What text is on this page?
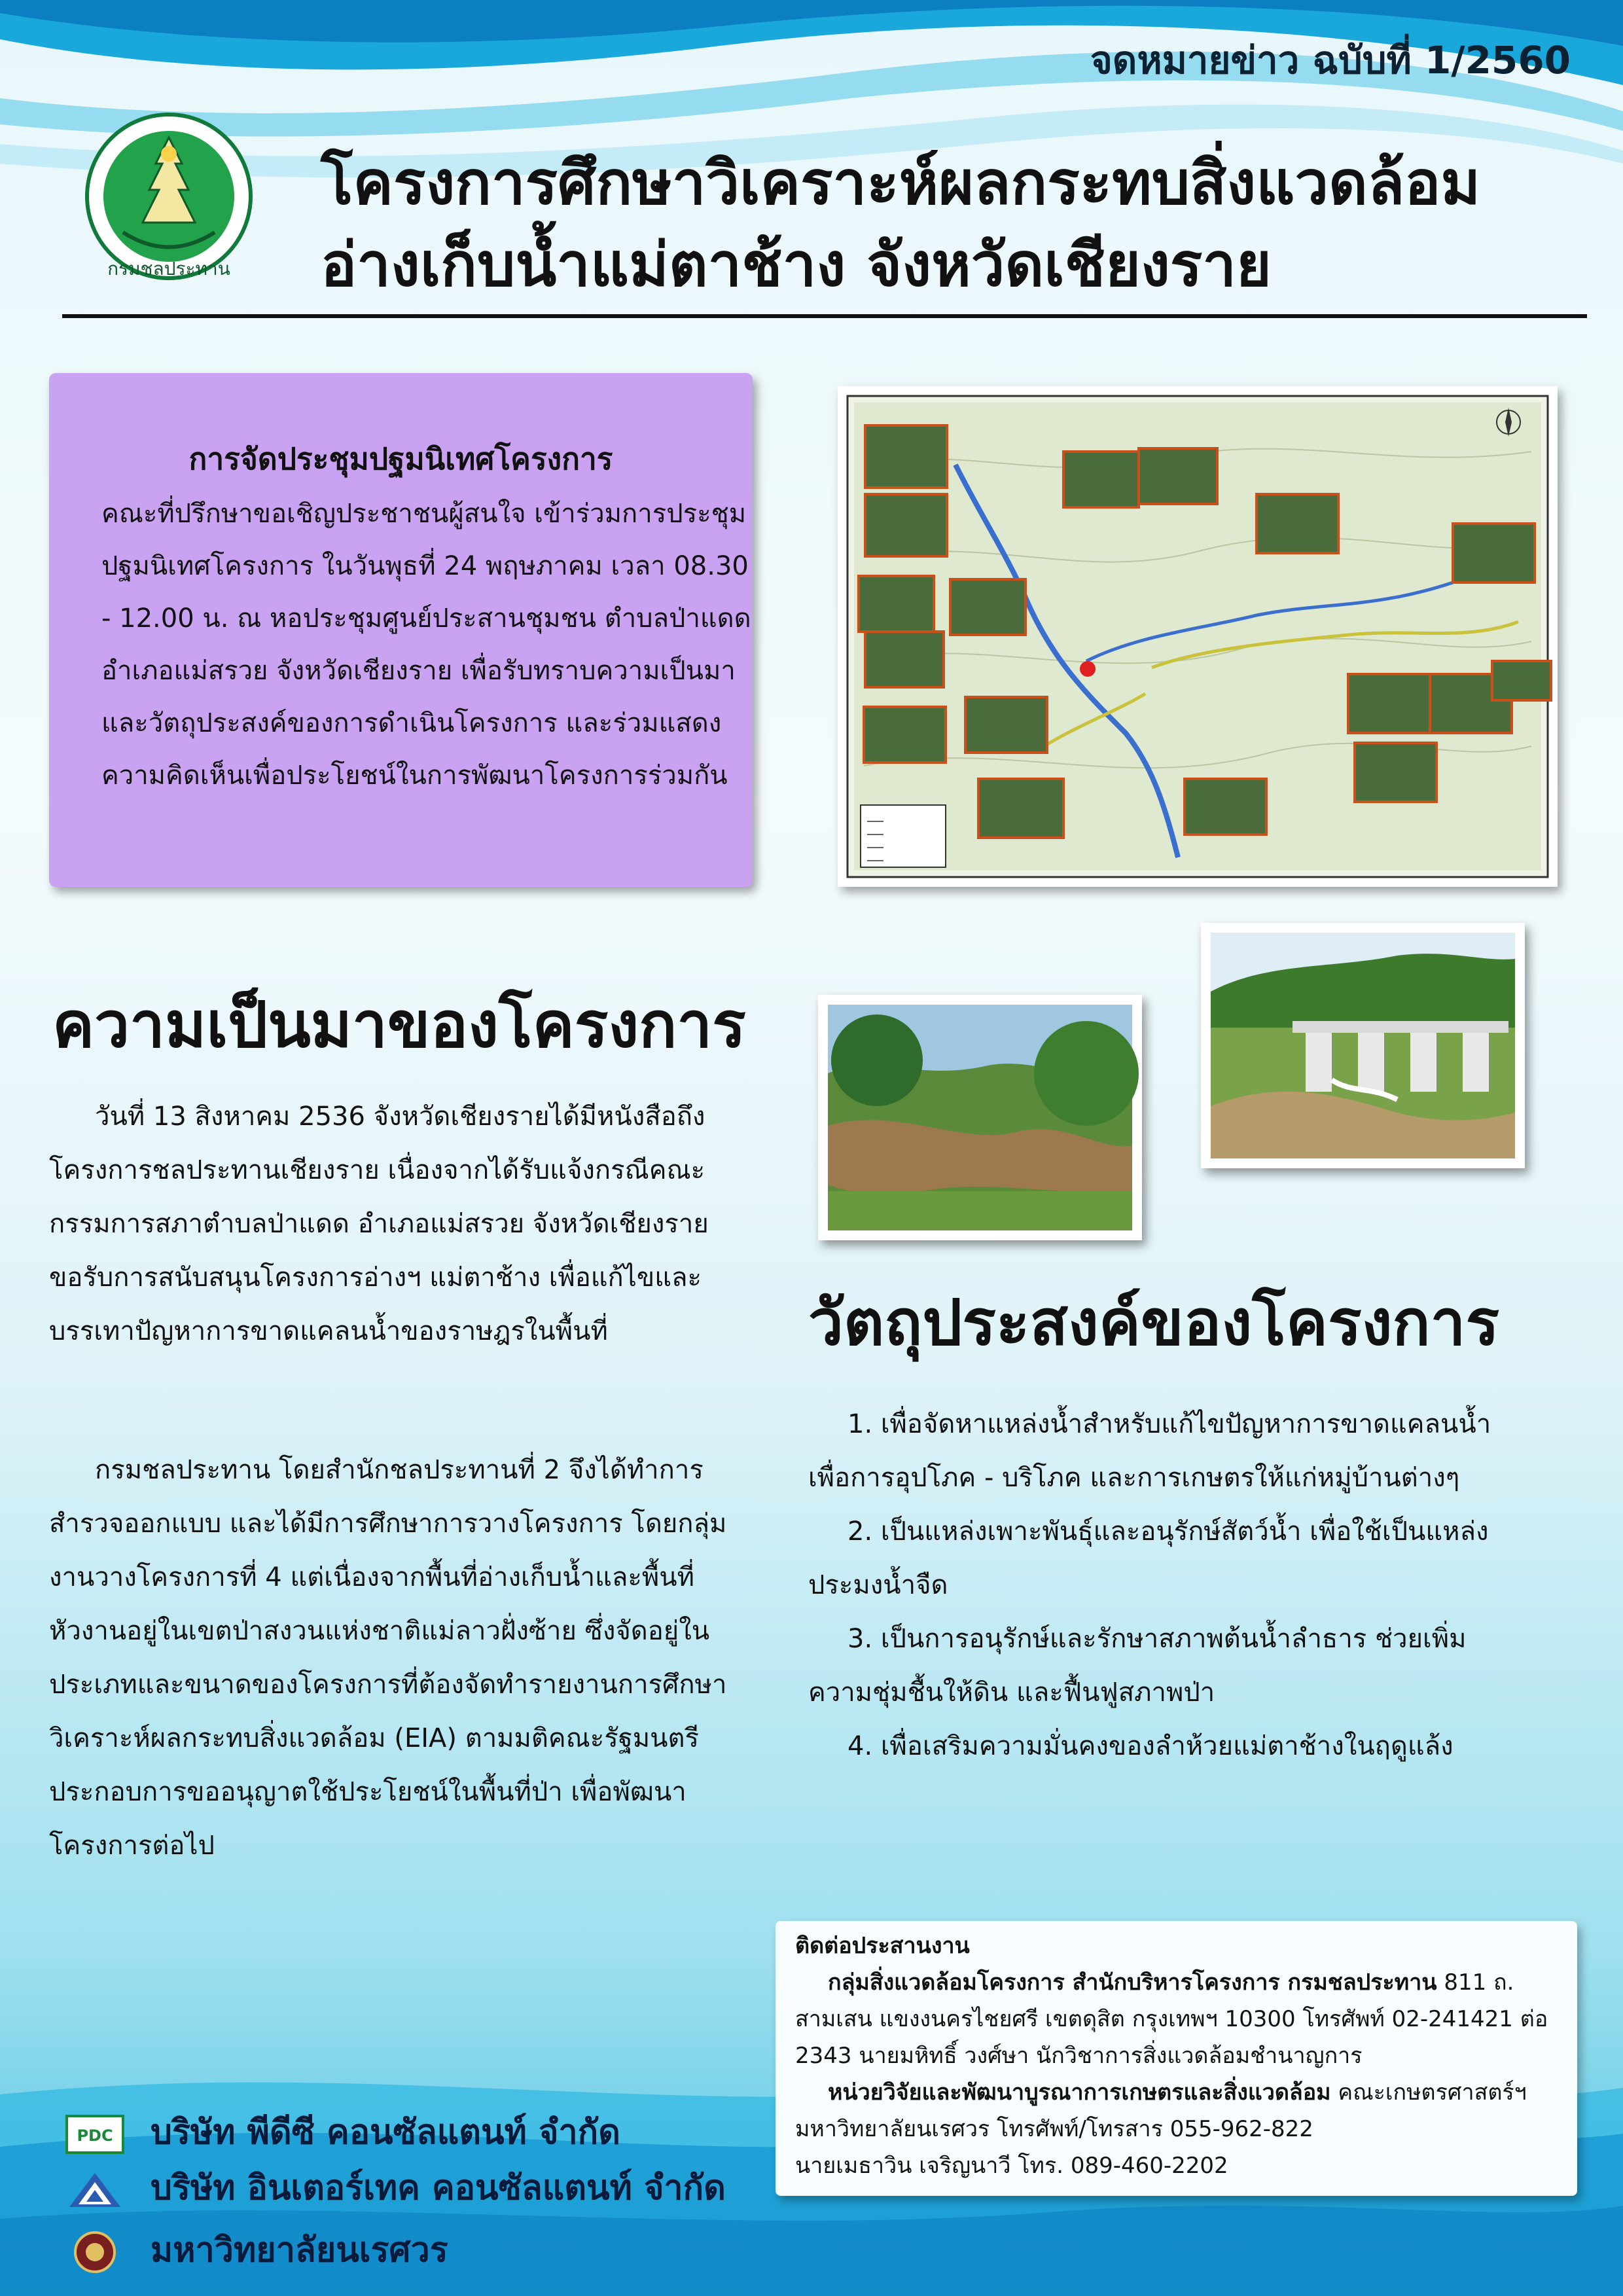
จดหมายข่าว ฉบับที่ 1/2560
กรมชลประทาน
โครงการศึกษาวิเคราะห์ผลกระทบสิ่งแวดล้อม
อ่างเก็บน้ำแม่ตาช้าง จังหวัดเชียงราย
การจัดประชุมปฐมนิเทศโครงการ

คณะที่ปรึกษาขอเชิญประชาชนผู้สนใจ เข้าร่วมการประชุมปฐมนิเทศโครงการ ในวันพุธที่ 24 พฤษภาคม เวลา 08.30 - 12.00 น. ณ หอประชุมศูนย์ประสานชุมชน ตำบลป่าแดด อำเภอแม่สรวย จังหวัดเชียงราย เพื่อรับทราบความเป็นมาและวัตถุประสงค์ของการดำเนินโครงการ และร่วมแสดงความคิดเห็นเพื่อประโยชน์ในการพัฒนาโครงการร่วมกัน

ความเป็นมาของโครงการ

วันที่ 13 สิงหาคม 2536 จังหวัดเชียงรายได้มีหนังสือถึงโครงการชลประทานเชียงราย เนื่องจากได้รับแจ้งกรณีคณะกรรมการสภาตำบลป่าแดด อำเภอแม่สรวย จังหวัดเชียงราย ขอรับการสนับสนุนโครงการอ่างฯ แม่ตาช้าง เพื่อแก้ไขและบรรเทาปัญหาการขาดแคลนน้ำของราษฎรในพื้นที่

กรมชลประทาน โดยสำนักชลประทานที่ 2 จึงได้ทำการสำรวจออกแบบ และได้มีการศึกษาการวางโครงการ โดยกลุ่มงานวางโครงการที่ 4 แต่เนื่องจากพื้นที่อ่างเก็บน้ำและพื้นที่หัวงานอยู่ในเขตป่าสงวนแห่งชาติแม่ลาวฝั่งซ้าย ซึ่งจัดอยู่ในประเภทและขนาดของโครงการที่ต้องจัดทำรายงานการศึกษาวิเคราะห์ผลกระทบสิ่งแวดล้อม (EIA) ตามมติคณะรัฐมนตรี ประกอบการขออนุญาตใช้ประโยชน์ในพื้นที่ป่า เพื่อพัฒนาโครงการต่อไป

วัตถุประสงค์ของโครงการ
1. เพื่อจัดหาแหล่งน้ำสำหรับแก้ไขปัญหาการขาดแคลนน้ำเพื่อการอุปโภค - บริโภค และการเกษตรให้แก่หมู่บ้านต่างๆ
2. เป็นแหล่งเพาะพันธุ์และอนุรักษ์สัตว์น้ำ เพื่อใช้เป็นแหล่งประมงน้ำจืด
3. เป็นการอนุรักษ์และรักษาสภาพต้นน้ำลำธาร ช่วยเพิ่มความชุ่มชื้นให้ดิน และฟื้นฟูสภาพป่า
4. เพื่อเสริมความมั่นคงของลำห้วยแม่ตาช้างในฤดูแล้ง
ติดต่อประสานงาน
กลุ่มสิ่งแวดล้อมโครงการ สำนักบริหารโครงการ กรมชลประทาน 811 ถ. สามเสน แขงงนครไชยศรี เขตดุสิต กรุงเทพฯ 10300 โทรศัพท์ 02-241421 ต่อ 2343 นายมหิทธิ์ วงศ์ษา นักวิชาการสิ่งแวดล้อมชำนาญการ
หน่วยวิจัยและพัฒนาบูรณาการเกษตรและสิ่งแวดล้อม คณะเกษตรศาสตร์ฯ มหาวิทยาลัยนเรศวร โทรศัพท์/โทรสาร 055-962-822
นายเมธาวิน เจริญนาวี โทร. 089-460-2202
PDC บริษัท พีดีซี คอนซัลแตนท์ จำกัด
บริษัท อินเตอร์เทค คอนซัลแตนท์ จำกัด
มหาวิทยาลัยนเรศวร
